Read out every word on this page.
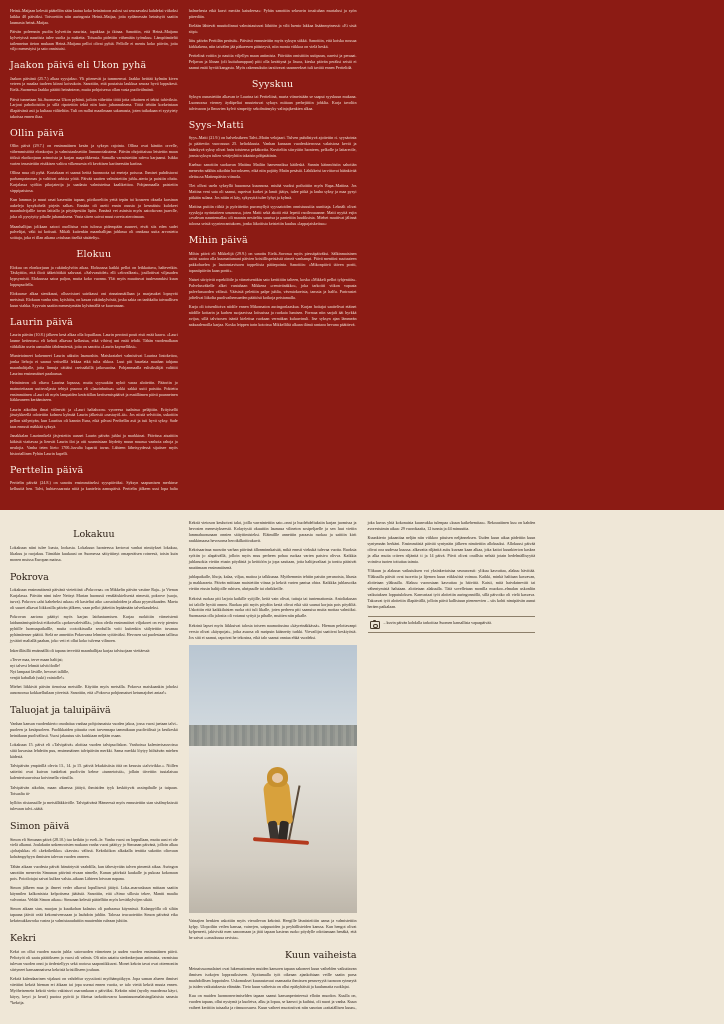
Heinä–Maijaan kelestä päätellön sään laatua koko heinäntoon aulosi sai seuraavaksi kahdeksi viikoksi laikka 40 päiväksi. Toivoettiin niin auringosta Heinä–Maijaa, jotta sydämessän heinäsyöt saatiin laumasta heinä–Maijaa.

Päivän poleennin puolin kylvettiin naurista, tapakkaa ja ikinaa. Sanottiin, että Heinä–Maijana kylvetyissä nauriista tulee suolia ja makeita. Toisaalta pidettiin vähentäin työnskuu. Lämpöimäeltä tailennetun tieton mukaan Heinä–Maijana pelloi olivat pyhiä. Pellolle ei mentu koko päivän, jotta viljo menestyisi ja sato onnistuisi.

Jaakon päivä eli Ukon pyhä

Jaakon päivänä (25.7.) alkaa syysjakso. Yli pitenevät ja tummenvat. Jaakko heittää kylmän kiven veteen ja maalaa tuoleen kiinni koivukoin. Sanottiin, että poutaista laukkua seuraa hyvä loppukesä. Etelä–Suomessa Jaakko pääitti heinänteon, muita pohjoisessa ollan vasta puolivälmänä.

Päivä tunnetaan Itä–Suomessa Ukon pyhänä, joiloin vähettiin töitä jotta oikoinen ei tekisi tuhiviksia. Larjoat paholtoistiin ja sillä ripotettiin tekiä niin kuin juhannuksena. Töitä tehtiin korkeintaan illapäivänä asti ja kultaaa väliteltiin. Tuli on nullut maailmaan sakamasta, joten tuikakaan ei syytytety takoissa ennen iltaa.

Ollin päivä

Ollin päivä (29.7.) on ensimmäinen kesän ja syksyn rajointa. Ollina ovat käntiin orvelle, vähemmistöitä elonkorjuu ja valmistauksettiin linnunrotakutena. Päivän ohrjoittaisua leistettin maan töiksä ekotkorjuun arimoista ja karjan auaprökkeruia. Samalla varmistettiin rafeva karjaansi. Isikka varien tenastettiin etsäkisen valitru vilkenuesta eli kevätisen kariineestän kariina.

Ollina mua oli pyhä. Kortakaan ei saanut heittä luonnoota tai eneteja poiscoa. Ihmiset puhdistavat parhampaimmas ja valttivat arkista yöitä. Päivää saatten valmistettiin juhla–ateria ja paistiin olutta. Karjalassa syöliin pikojaterija ja saadasta valmistettua kaalikeittoa. Pohjanmaalla paistetiin sirppipaistosa.

Kun lammas ja muut rasat kasentiin tapaan, piirikoreltiin yettä tepän tai kouseen oksatla karsinan aukeleja kysykohelä pirjeäs salkas. Ennään oli asetti ennin ouusta ja kesmäisiu kulokeet maanhalvijallle tavan lattiallo ja pöytäpestiin lipiin. Ennänä vet asintsia myös aatcokovan juaeclle, joka oli pysytytty pihalle juhanuksena. Vasta sitren saivat muut ruveta ateroimaan.

Maanhalltjan jolikaan satooi ouollistua vain tulossa pidempään asuneet, etvät siis eden sudet palvelijat, väki tai kotisuti. Mikäli kuitenkin maanhalltjan juhlassa oli onnkasa uutta arvostettu soittaja, joka ei illan aikana »viuluun itselkä säsätelty».

Elokuu

Elokuu on elonkorjuun ja rukiinkylvöin aikaa. Elokuussa kaikki pelloi on leikkattava, haltevetkin. Täskyttiin, että iltoit ääketöittkät saluvaat. »Salvvauttdet» elli »elovalkeat», joullottivat viljasaden kypsymistä. Elokuussa satoa paljon, mutta koko vuonna. Ylät myös muuttuvat tuulesmmkisi kuun loppupuolella.

Elokuusse alkaa sienikausi, ollusvistaet sairikausi oni rinnainmäillaan ja marjasaket lopnyvät metsissä. Elokuun vanha sim, kyishiöu, on kauan rukiinkylvöstä, joska sakia on tanhkaltu tatvuallisen kuun viahka. Syyvuin saatiin menestymään kylvämällä se kuuvanaan.

Laurin päivä

Laurin päivän (10.8.) jälkeen kesä alkaa olla lopuillaan. Laurin perointi pouti etsii enää kaava. »Lauri laume ketteroas» eli kehoti alkavaa kellastua, etkä vihivaj uni enää tehdä. Tähän vuodenalkaan vähkiliän usein aamuihin iähdemäestä, joita on sanottu »Laurin kaymelliksi».

Muntetoimeet kokenneet Laurin aäksiin laumoshin. Matskraiahet valmistivat Laurina lintokeitoa, jonka liehoja ei saanut veitselllä lekkaa etkä tulta rikkoa. Luut piti hauelata maahan tahjana maanhalttjalle, jotta linnuja cätiäisi cseissäkillä jatkosuoäsa. Pohjanmaalla eslisiksilijät valittiit Laurina ensimmäiset paalausua.

Heinänteon oli oltava Laurina lopussa, muita syysuukiin nyloö varaa aloitettin. Pääoriin jo mainotettaaan uutisvuljasta tehtyä puuroa eli »laurinhuttua» sokki sakkä uutti paisttia. Poktettu ensimmäinen »Lauri oli myös lampaiden keräräillan keritsemispääivä ja esnällämen päivä paunnetnen liäkkeaneen keräämiseen.

Laurin aikoihin ilmat viilenvät ja »Lauri haltahoon» vyoreesa taalnissa peläjttiin. Erityisellä jässtykkeellä odotettiin kolmea kylmää Laurin jälkeisiä »nastayöl–tä». Jos niistä selvittiin, uskottiin pellon säilyntyän, kun Lauriius oli kannin Esna, etkä pilvasi Pertbellin asti ja tuii hyvä syksy. Sade taas ennusti mäkkää syksyä.

Janakkalan Laurinnikelä jäsjestettin uusnet Laurin päivän juhlat ja markkinat. Päivässa atsaittiin käkistä viattavaa ja lienvät Laurin ilot ja otti suunnistaan löydetty muun muassa vanhoia rahoja ja neulojia. Vanha teten liteto 1700–luvulta lupartti tavan. Lähteen läheisyydessä sijaitsee myös bistoriallinen Pyhän Laurin kapelli.

Perttelin päivä

Perttelin päivää (24.8.) on sanottu ensimmäiseksi syyspäiväksi. Syksyn saapumisen merkinse kelluutiä hen. Talvi, huhtavsaarasta niitä ja kanteleia aamupäivä. Perttelin jälkeen uusi lopa halta halmehesta etkä kasvi meciän kaiudeesa»: Pyhän sanottiin sekeavin tossituhan murtalusi ja syön piteediän.

Etelään lähtevät muuttolinnut valmistautuvat lähtöön ja vilit luento lakkaa lisäänmytnessä: »Ei sisiä sitpi»

liitu päivän Perttilän perästä». Päivästi ennustettiin myös syksyn säkkä. Sanottiin, että koiska nousaa kirkkakena, niin taivälen jää päkaeesen päästeyvä, niin monta viikkoa on vielä heskä.

Perttelinä voitiin jo nauttia viljellyn maan antimista. Päiväiän omistttiin uutipuun, oareisi ja peraaat. Peljavan ja lihnan (oli kuituhamppun) piiti olla kerättynä ja lissoa, kieska päivän peräksi seistä ei saanut enää hyvää kangasta. Myös rakennuksiin tarsiivavat uusnneekset tuli tavätä ennen Perttelidä.

Syyskuu

Syksyn ounastettiin alkavan ie Laurina tai Pertteliinä, murta viimeistään se saapui syyskuun mukana. Luonnoosa vierney äydäpeliat muutetuvat sykays mittaan perhejiitiin johklia. Karja tavoliin talvivaoon ja llmuvien kylvö simpeöjy sekolmänsyky valinjajkenkien alkaa.

Syys–Matti

Syys–Matti (21.9.) on halveksikeen Talvi–Matin velojaari. Tulven puhdistyvä ajoitettin ri. syysäointa ja pääteviin vuorosuun 25. heltokkuuta. Vanhan kansaan vuodenkierrossa valaistosa kevät ja häänkyvä syksy olivat hnin toistensa pekäkoriia. Kuviteltin siirrytitin luonteen, pelkolle ja lattarecile, jonsta syksyn tulien vetäjeyhtiin takaisin pöhjatätinin.

Kaehuo sanottiin suokuvan Mattina Matliin hanvenniksa kääleskä. Sannin käinmöisiin sahotiän menevän näkhin aikoihin horrokseen, eikä niin pojätty Matin pesäsiä. Lähikkeisi tarvittavat häänkivää olettu»sa Mattenpäivin viimola.

Tlet ollvat useln sykeyllä huuonosa kuunnosa. miuhä vuoksi poilutttiin myös Rapa–Matiina. Jos Mattina veni sata oli saanut, rupeivat kurket ja lamit jäätys, tulee pitkä ja lauha syksy ja maa pysyi pitkään sulana. Jos niitin ei käy, sykysyttä tulee lyhyt ja kylmä.

Mattina puitiin riihiä ja pyörittetiin puromyllyä syyssatoiden onnistuuuiiia uunittaja. Leknält olivat syyskyja nyrintaiteen ununossa, joten Matti sekä akoiti että lepetti rnoileouaanne. Matti nyyttä esjin »rvahvan nauntemalla» oli maanin nesiteltiu suurtsa ja pantettiin luudiksista. Miehet nuuttivat jälinnä taloosa seistä syynteorantukoen, jonka läkoitista keistetiin kuuluu »lappajaiskeitua»:

Mihin päivä

Mihin päivä eli Mikkelijä (29.9.) on sanottu Etelä–Savossa myös piessäpäiväksi. Sälkinmaisinen osiisi saatoa olla kuumattumani päivien kristillispeistästä oimeä vanhampi. Päivä mentiini suutuuteen pakkohuelen ja lautonstavisoen toppelitsta päätepointa. Sanottiin: »Mikonpäivä täiven portti, tapaniipäivän kaan portti».

Naiset siirtyivät ropekilöile ja viimeisenäkin sato keritiitiin talteen, koska »Mikkeli pellot tyhjentäis». Palvelusväkelle alkei vantahaan Mikkena »remtvänäkko», joka tarkoitti viikon vapaata palvelussaoden välissä. Vääsistä pelettiin palpe juhlia, vävmiokoeista, tanssia ja halča. Parirrastet joltelivat liikolta puolivaihensaeden pääitösä koikoja peistamalla.

Karja oli toisenlitotva niidile ennen Mikonsaton aucingonlaaskua. Karjan hoitajat saattelivat etäinet niidille kottarin ja karhen suojaavissa loitsuissa ja ruokaia lumisen. Formaa niin sarjali äät hyrkkä avijaa, sillä talvisosen isäntä kielettua ruokaan vermäkan kuluuvinuli. Itse syksyn ajan lämmeän naksaalenoilla karjaa. Koska leippen tarin kotoissa Mikkelliltä alkaan tlämä rantaoa hevuna päätitevä.

Lokakuu

Lokakuun niini tulee loasta, lookasta. Lokakuun luonteessa kertovat vanhat nimitykset lokakuu, likakuu ja ruojakuu. Tämäkin kuukausi on Suomessa säityttiinyt omaperäisen rotneesä, toisin kuin monen muissa Europan maissa.

Pokrova

Lokakuun ensimmäisenä päivänä vietettiinä »Pokrovaa» on Mikkelin päivän vastine Raja– ja Vienan Karjalassa. Päiväin nimi tulee Neitsyt Marian huonusti venäläiskielisestä nimestä, pokrove (suoja, turva). Pokrova »alsi kaheheksi askaa» eli kasteltui aiko »aosattuloiden ja alkaa pyynsökaaden. Maeta oli suuret alkavat liikkosilla päivän jälkeen, vaan pelloi jäätetiin lepäämään talveikaudeksi.

Pokrovan aartona päättyi myös karjan laidunturmisen. Karjaa ruokittiin viimeistenä laidunnämispäivksä etikoisella »pokrovaleivällä», johoa oleila ensimmäiset viljakoret on evty pientea pyhiille luomuspaikallle, muita ccotoikissulla seoduilla voiti kuitenkin säilytettiin tuvanaa pyhämäenser pääitti. Sielä ne annettiin Pokrovana lehmien syöätväksi. Hevosen sai puolestaan tallissa jyväärö maliallä paahan, joko veti ei ollut koko tulvena vilinoen.

Inkerilläsillä emännällä oli tapana terveittä maanhalltjaa karjaa talviuojaan viettäessä:

»Terve maa, terve maan haltijat;
nyt talvest lehmät talvitölodle!
Nyt lampaat lävälle, hevoset tallille,
venjät kabullah (sukt) vainiolle!»

Miehet liikkivät päivän tienoissa metsälle. Käyttiin myös metsälla. Pokrova maiskaankin johoksi aanonoossa kokkaellutlaan yöeeistä. Sanottiin, että »Pokrova pohjinmaiset ketumajohet antaa!»

Taluojat ja taluipäivä

Vanhan kansan vuodenkierto onodattaa vanhaa pohjoismaista vuoden jakoa, jossa vuosi jaetaan talvi–puoleen ja kesäpuoleen. Puolikkaiden pituutta ovat tarvennapa tammikuun puolivälissä ja kesikeskä heinäkuun puolivälissä. Vuosi jakautuu siis kaiskiaan neljään osaan.

Lokakuun 15. päivä eli »Talvipäivä» aloittaa vuoden talvipuoliskon. Vanhoissa kalenterisauvoissa siitä kuvastaa lehdetön puu, ensimmäinen talvipäivän merkki. Sama merkki löytyy hiihtävän miehen kädestä.

Talvipäivän ympärillä olevia 13., 14. ja 15. päiviä lekukiisiisia öitä on kesustu »talvivikko.». Niillen saiteitsi ovat kuivan tunkeloat puoliviin kelme »tunnetoistä», jollain tiivettiin tuuialaisua kalenterisauvoissa koivimella viiruilla.

Talvipäivän aikohin, maan alkaessa jäätyä, ihmisiden tyyk keskittyvät axsinpihalle ja tuipaan. Toisaalta tä-

hyllöin riistaruuille ja metsälläkkivölle. Talvipäivänä Hämeessä myös ennustettiin sian sisälmyksisstä tulevaan talvi–säätä.

Simon päivä

Simon eli Simunan päivä (28.10.) tuo keikiin jo sveli–le. Vanha vuosi on loppullaan, mutta uusi ei ole vielä alkanut. Joulakutin unkemroisten mukaan vanha vuosi päättyy jo Simunan päivänä, jolloin alkaa »johajukka» eli »kekrikeikko» »kavsin« välissä. Kekrikiikon alkakalla tenttiia sukotiin oliovaan kohrämpyhyyn thmisten talevan vuoden onneen.

Tähän aikaan vuodesta päivät hämärtyvät vaahdilla, kun tähestyvään talven pimentä aikaa. Asringon sanottiin menevän Simunan päivinä eivaan nimelle, Kanun päivksiä kaukalle ja pukoaa kokonaan pois. Poioilotajat saivat kulkea valsta–aikaan Lähteen lotvoan napana.

Simon jälkeen maa ja ilmeet veder alkavat lopullisesti jäätyä. Loka–marraskuun mittaan saatiin käynnilen kalkonisista kelpotisena jäätäsiä. Sanottiin, että »Simo sillosia tekee, Mantti maalta valvontaa. Veldät Simon aikaa»: Simunan kelestä päätelltiin myös kevätkylvöjen sikää.

Simon aikaan sian, muojan ja kuutkohan kalastus oli parhaassa käynnissä. Kalanpyölla oli siltän tapaana jäävät ceää kekonsivenssaan ja lauhdoin juhliin. Talossa teucuotettiin Simon päivänä eika kekrimukkavroka vastea ja valmistaauduttiin muutenhin ruleaan juhiiin.

Kekri

Kekri on ollut vuoden suurin juhla: satovuoden viimeinen ja uuden vuoden ensimmäinen päivä. Peltotyöt oli saatu päätökseen ja vuosi oli valmis. Oli niin aatattu siedonkerjuun antimista, varmistua tulevan vuoden onni ja tiedestellyys sekä rootosa saaponiikkuvat. Monet kekrin tavat ovat otteenoniin siirtyneet kansaannaisesa kekristä kristilliseen jouluun.

Kekriä kalendaarinen vijakuni on vahdeltur syyssiiosti myöhämpiikyyn. Jopa saman alueen ihmiset väettiint kekriä hieman eri äikaan tai jopa useaut ennen vuotta, se talo viettä kekriä muuta ennen. Myöheisemein kekriä vietto vakistuvi osarrankaun o päiviiksi. Kekriin niini (nyoliy muodeosa käyri, käyry, keyri ja keuri) puotoa pyöriä ja fiketua tarkoittovarra kaantasuomalaisingilaisista sanasta *kekrija.

Kekriä vietoson keuhotvat talat, joilla varrnintettiin sato–onni ja huolehdeltuksiin karjan juomissa ja hevosten menestykseestä. Kolaytystä okuuttiin laumasa vilineion sosipeljaelle ja sen luut vietiin lammahaosunaan onnien säityttimisieksi. Eläimillle annettiin paraasta ruokaa ja saittiin kirit raukkimaasa hevosorna heroikilkoitirakuvit.

Kekrisaarinaa nuosriin varhan päivänä ällonminnkaisää, mikä ennsti viekukä tulevaa vuotta. Ruoksia syötiin jo alapäivällä, jolloin myös muu perheen pohaa ruokaa varten patsiva olivva. Kaikkia juhlaruokia vietiin etusin pöydästä ja keittiöön ja jopa sauttaan, jotta haltijavaltaat ja tonttu pääsivät nauttimaan ensimmäisenä.

juhlapaikalle, lihoja, kalaa, viljaa, maitoa ja talkkunaa. Myöhemmin tehtiin paistin perunoista, lihasta ja makkaraeta. Päivän miittaan maistettiin viinaa ja kekriä varten pantua ohtra. Kaikkka juhlaruoika vietiin etusin haltijoille ruhisen, uhripuulle tai ohrikkeille.

Kekrisä ruokaa piti larjota kaikille syöjille, keitä vain olivat, tuttuja tai tuntemattomia. Antoliakusan toi talolle hyvää onnea. Ruokaa piti myös pöydiin kestä olivat eikä sitä saanut korjata pois pöydiltä. Uskotttin että kaikkilaisten ruoka otti tuli likalle, joten perheeu piti saanuisa muita mottaa valmiiksi. Suomaasta olla jalostta oli voianut syttyä ja pihalle, muitten niin pikalle.

Kekrinä lapset myös liikkuivat talosta toiseen naamoitusina »käyreinäkkässä». Hieman pelottavanpi versio olivat »käyrpojat», jotka asuosa oli nuripuin käänretty turkki. Vievailijat saattivat keskiyöstä. Jos sitä ei saanut, rapoivat he tekosina, eikä talo saanut onniaa ehkä vuodeksi.

Vainajien henkien uskottiin myös vierailevan kekrinä. Heegille läsnästeiitiin aama ja valmistettiin kylpy. Ulopoiltin veilen kansaa, vainvjen, saippuoiden ja peyhällisteiden kanssa. Kun hengot olivat kylpeneeti, jakivtvää men sanoomaan ja jätti tapaan kastean ruoko pöydylle odottamaan henäkä, että he saivat »»nuuksuua ravista».

Kuun vaiheista

Meinaissuomalaiset ovat lukemattomien muiden kansoen tapaan sakoneet kuun vaihelden vaikuttavan ihmisen isokojen lopprasiksiseen. Ajottamalla työt oikeaan ajankohtaan veille saatin parsa maahdollisen loppotuleo. Uskomukset kuurautavaat osamaatta ihmissen penaveyytä tuonoon rytmeytä ja isiden vaikutuksesta elämään. Tieto kuun vaihetsta on ollut epäkyhäistä ja kuulumatta ruoklajat.

Kuu on muiden luonnonerrimiselden tapaan saanut kansanperinteessä elloiin muodon. Kuulla on, vuoden tapaan, ollut nystymä ja kuoletva, alku ja lopuu, se kanvoi ja kuihtui, oli nuori ja vanha. Kuun vaiheet kerittiin taisaalta ja ritmuoosurea. Kuun vaiheet muotostivat niin sanotun »rattaiällisen kuun», joka kuvus yhtä kokonaista kuunvakka tulenpaa »kuun kaikehemitaa». Rekoaatiinen kuu on kahden avorestuimin aikaa: 29 vuorokaaita, 12 tunnia ja 44 minuuttia.

Kuunkierto jakaanitaa neljän niin viikkoo pituisen neljänneksen. Uuden kuun aikaa pädettiin kuun syntymnän herkäni. Ensimmäistä päivää syntynäin jälkeen nimitettiin allokuuksi. Allokuusi päivää olivat ooa uudessa kuussa. alkavatta riljänttä asiiu kuvaan kaan alkaa, joka kattoi kuunkierton kaskea ja alka muita criteen riljänttä ti ja 14 päivä. Piivti olivat oraillsta nelsää jotain hedelmällisyyttä vointiva tuoten tottuttaa taimia.

Ylikuun ja alakuun vaikutuksen voi yksinkertaistaa seuraavasti: ylikuu kasvattaa, alakuu hävittää. Yläkuulla päivät ovat tuoreita ja lijemea kuun etikksöisä voimaa. Kaikki, minkä haltiaan kasvavan, aloitetaan yläkuulla. Alakuu vuorostaan kasvattaa ja häivittä. Kaisti, mitä haivdatneväit tai vähentymistä halutaan. aloitetaan alakuulla. Tätä sovelletaan monilla muokoo–elmalan uskonliin vaikutuksen lopputuloksen. Kanvariaat työt aloitetiin auringonnöllä, sillä päivoiko oli vielä kasvava. Takoavat työt aloitetiin illapäivällä, jolloin päivä kallistuun pienenevien – siis kohti nimipäivän aunut heräen paikalaan.

– kuvin päivän kohdalla tarkoittaa Suomen kansallista vapaapäivää.
